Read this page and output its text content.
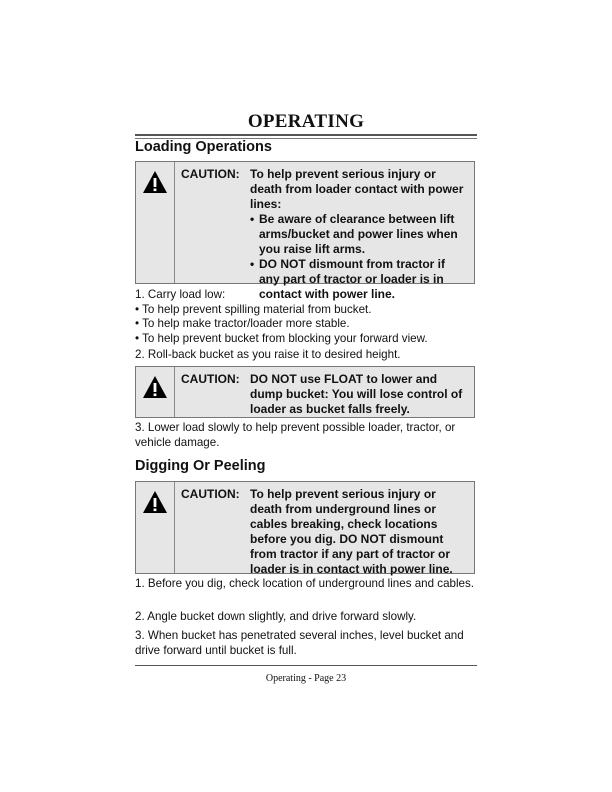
OPERATING
Loading Operations
CAUTION: To help prevent serious injury or death from loader contact with power lines:
• Be aware of clearance between lift arms/bucket and power lines when you raise lift arms.
• DO NOT dismount from tractor if any part of tractor or loader is in contact with power line.

1. Carry load low:

• To help prevent spilling material from bucket.

• To help make tractor/loader more stable.

• To help prevent bucket from blocking your forward view.

2. Roll-back bucket as you raise it to desired height.

CAUTION: DO NOT use FLOAT to lower and dump bucket: You will lose control of loader as bucket falls freely.

3. Lower load slowly to help prevent possible loader, tractor, or vehicle damage.

Digging Or Peeling
CAUTION: To help prevent serious injury or death from underground lines or cables breaking, check locations before you dig. DO NOT dismount from tractor if any part of tractor or loader is in contact with power line.

1. Before you dig, check location of underground lines and cables.

2. Angle bucket down slightly, and drive forward slowly.

3. When bucket has penetrated several inches, level bucket and drive forward until bucket is full.

Operating - Page 23
